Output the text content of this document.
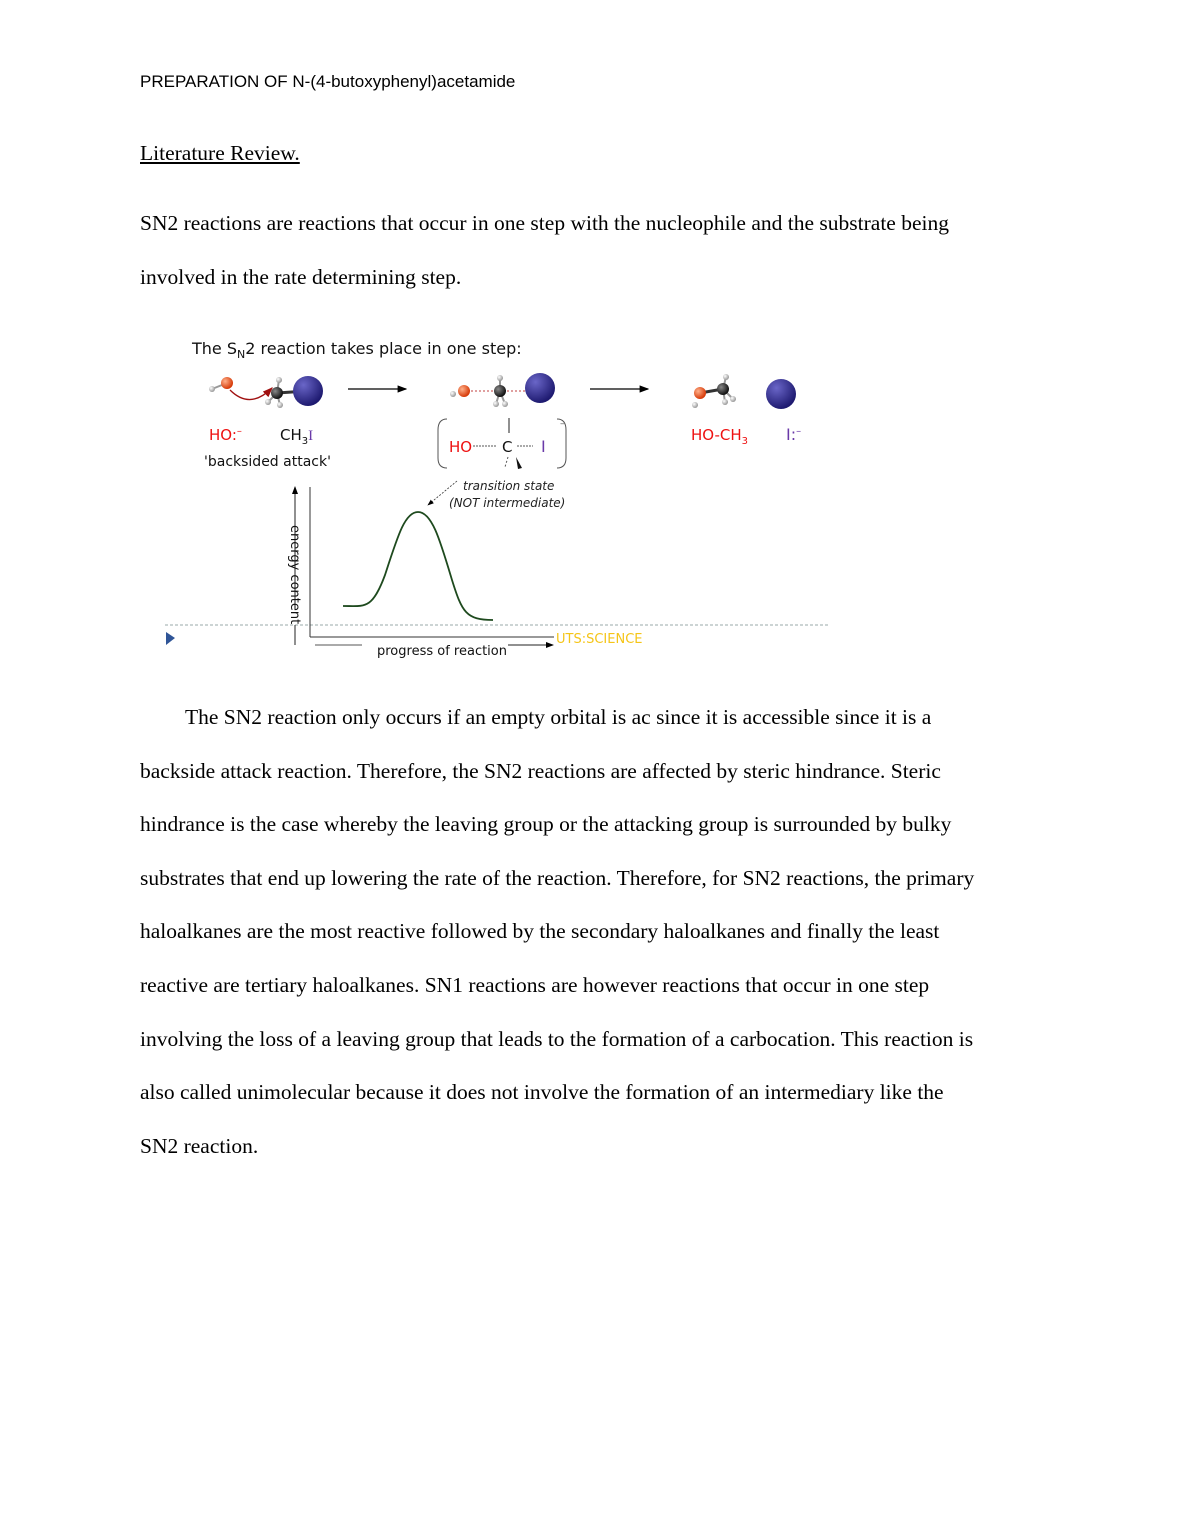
PREPARATION OF N-(4-butoxyphenyl)acetamide
Literature Review.
SN2 reactions are reactions that occur in one step with the nucleophile and the substrate being
involved in the rate determining step.
The $S_N2$ reaction takes place in one step:
HO:–	$CH_3I$
'backsided attack'
HO C I
–
$HO-CH_3$ I:–
transition state
(NOT intermediate)
energy content
progress of reaction
UTS:SCIENCE
The SN2 reaction only occurs if an empty orbital is ac since it is accessible since it is a
backside attack reaction. Therefore, the SN2 reactions are affected by steric hindrance. Steric
hindrance is the case whereby the leaving group or the attacking group is surrounded by bulky
substrates that end up lowering the rate of the reaction. Therefore, for SN2 reactions, the primary
haloalkanes are the most reactive followed by the secondary haloalkanes and finally the least
reactive are tertiary haloalkanes. SN1 reactions are however reactions that occur in one step
involving the loss of a leaving group that leads to the formation of a carbocation. This reaction is
also called unimolecular because it does not involve the formation of an intermediary like the
SN2 reaction.
